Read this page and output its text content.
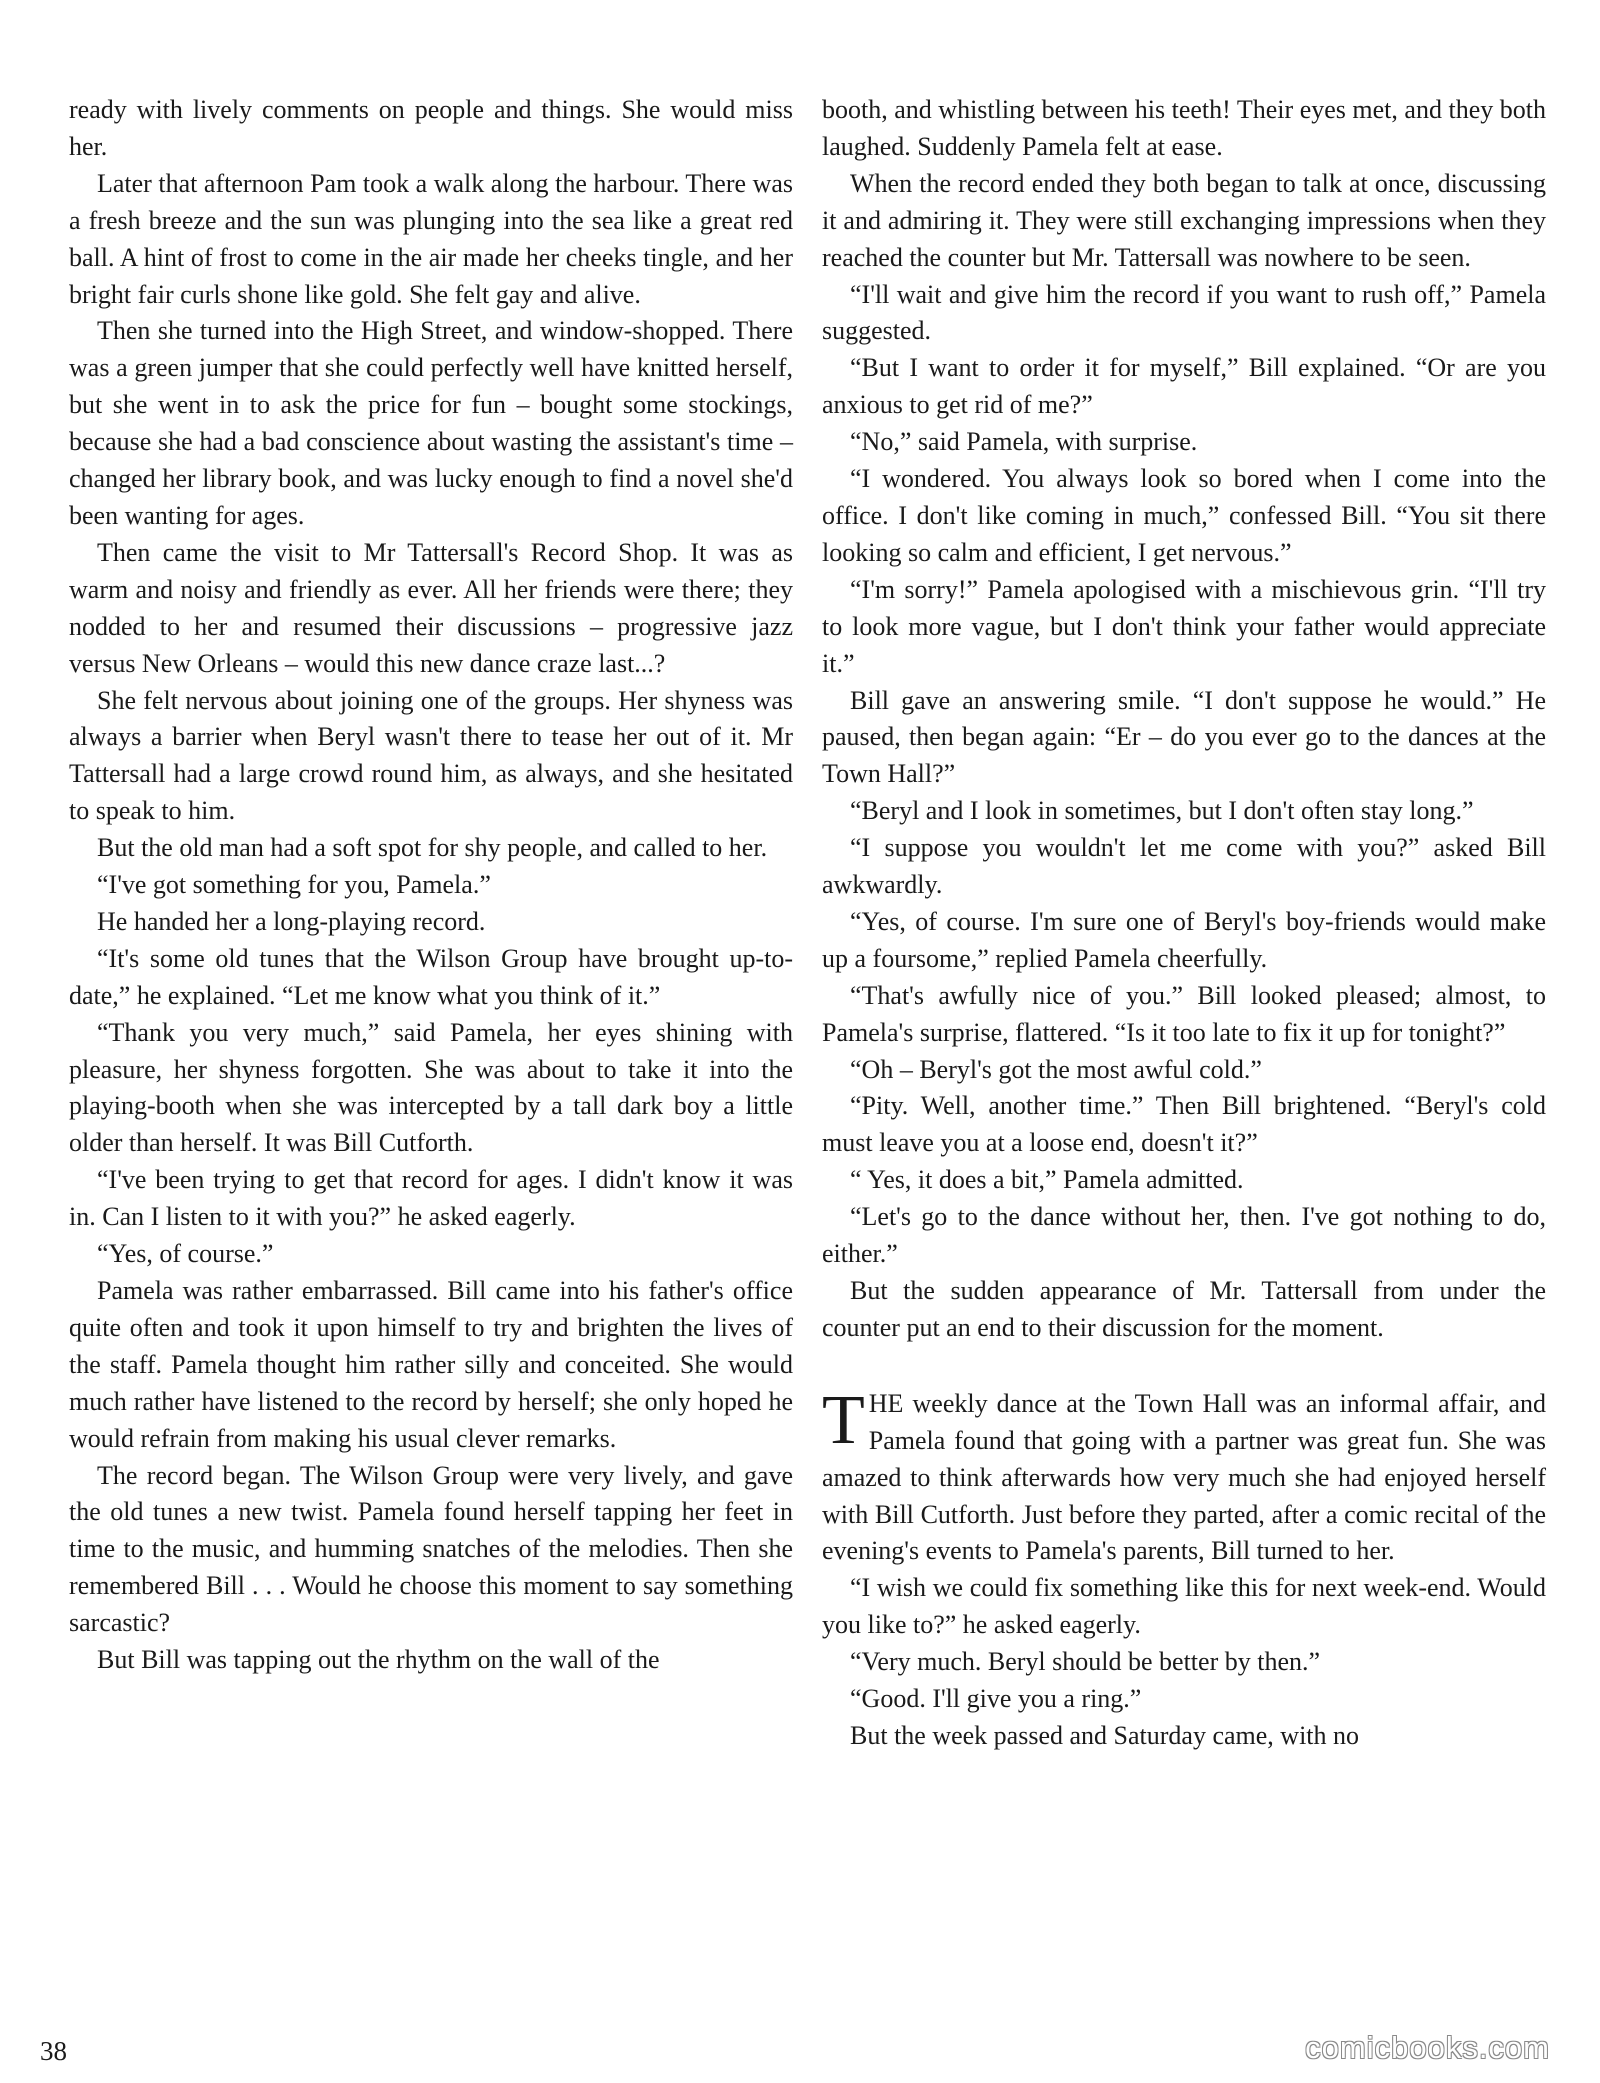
ready with lively comments on people and things. She would miss her.

Later that afternoon Pam took a walk along the harbour. There was a fresh breeze and the sun was plunging into the sea like a great red ball. A hint of frost to come in the air made her cheeks tingle, and her bright fair curls shone like gold. She felt gay and alive.

Then she turned into the High Street, and window-shopped. There was a green jumper that she could perfectly well have knitted herself, but she went in to ask the price for fun – bought some stockings, because she had a bad conscience about wasting the assistant's time – changed her library book, and was lucky enough to find a novel she'd been wanting for ages.

Then came the visit to Mr Tattersall's Record Shop. It was as warm and noisy and friendly as ever. All her friends were there; they nodded to her and resumed their discussions – progressive jazz versus New Orleans – would this new dance craze last...?

She felt nervous about joining one of the groups. Her shyness was always a barrier when Beryl wasn't there to tease her out of it. Mr Tattersall had a large crowd round him, as always, and she hesitated to speak to him.

But the old man had a soft spot for shy people, and called to her.

“I've got something for you, Pamela.”

He handed her a long-playing record.

“It's some old tunes that the Wilson Group have brought up-to-date,” he explained. “Let me know what you think of it.”

“Thank you very much,” said Pamela, her eyes shining with pleasure, her shyness forgotten. She was about to take it into the playing-booth when she was intercepted by a tall dark boy a little older than herself. It was Bill Cutforth.

“I've been trying to get that record for ages. I didn't know it was in. Can I listen to it with you?” he asked eagerly.

“Yes, of course.”

Pamela was rather embarrassed. Bill came into his father's office quite often and took it upon himself to try and brighten the lives of the staff. Pamela thought him rather silly and conceited. She would much rather have listened to the record by herself; she only hoped he would refrain from making his usual clever remarks.

The record began. The Wilson Group were very lively, and gave the old tunes a new twist. Pamela found herself tapping her feet in time to the music, and humming snatches of the melodies. Then she remembered Bill . . . Would he choose this moment to say something sarcastic?

But Bill was tapping out the rhythm on the wall of the

booth, and whistling between his teeth! Their eyes met, and they both laughed. Suddenly Pamela felt at ease.

When the record ended they both began to talk at once, discussing it and admiring it. They were still exchanging impressions when they reached the counter but Mr. Tattersall was nowhere to be seen.

“I'll wait and give him the record if you want to rush off,” Pamela suggested.

“But I want to order it for myself,” Bill explained. “Or are you anxious to get rid of me?”

“No,” said Pamela, with surprise.

“I wondered. You always look so bored when I come into the office. I don't like coming in much,” confessed Bill. “You sit there looking so calm and efficient, I get nervous.”

“I'm sorry!” Pamela apologised with a mischievous grin. “I'll try to look more vague, but I don't think your father would appreciate it.”

Bill gave an answering smile. “I don't suppose he would.” He paused, then began again: “Er – do you ever go to the dances at the Town Hall?”

“Beryl and I look in sometimes, but I don't often stay long.”

“I suppose you wouldn't let me come with you?” asked Bill awkwardly.

“Yes, of course. I'm sure one of Beryl's boy-friends would make up a foursome,” replied Pamela cheerfully.

“That's awfully nice of you.” Bill looked pleased; almost, to Pamela's surprise, flattered. “Is it too late to fix it up for tonight?”

“Oh – Beryl's got the most awful cold.”

“Pity. Well, another time.” Then Bill brightened. “Beryl's cold must leave you at a loose end, doesn't it?”

“ Yes, it does a bit,” Pamela admitted.

“Let's go to the dance without her, then. I've got nothing to do, either.”

But the sudden appearance of Mr. Tattersall from under the counter put an end to their discussion for the moment.

THE weekly dance at the Town Hall was an informal affair, and Pamela found that going with a partner was great fun. She was amazed to think afterwards how very much she had enjoyed herself with Bill Cutforth. Just before they parted, after a comic recital of the evening's events to Pamela's parents, Bill turned to her.

“I wish we could fix something like this for next week-end. Would you like to?” he asked eagerly.

“Very much. Beryl should be better by then.”

“Good. I'll give you a ring.”

But the week passed and Saturday came, with no

38	comicbooks.com
